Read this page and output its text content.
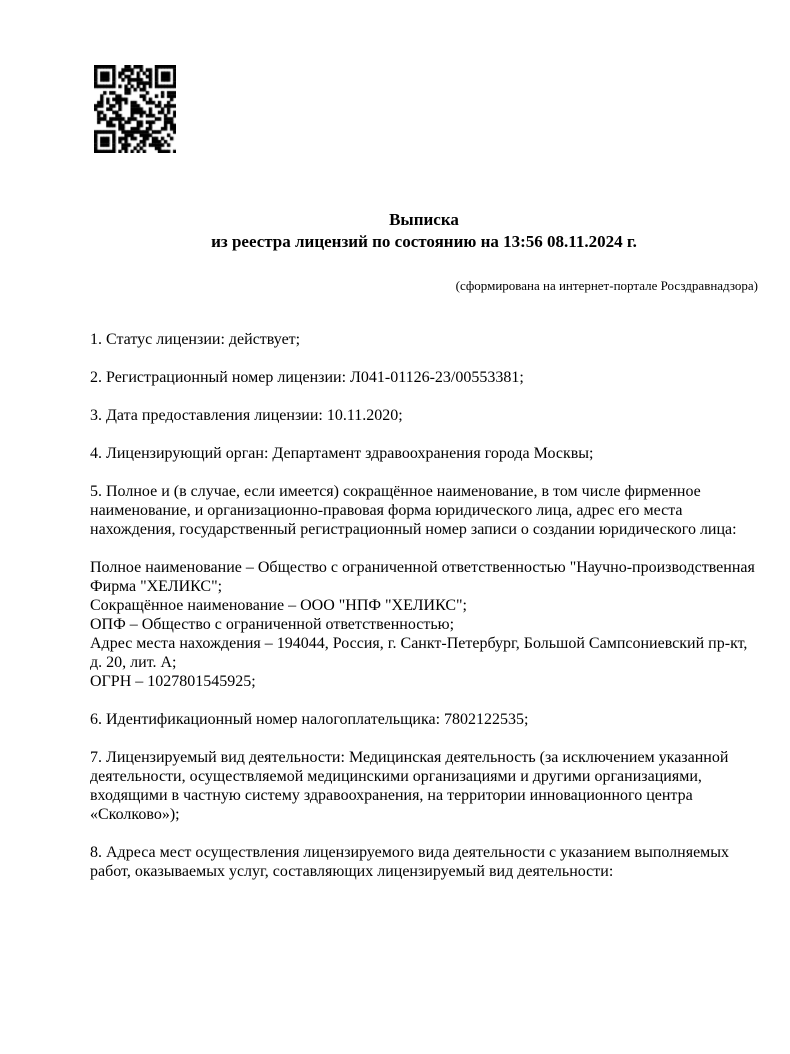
Выписка
из реестра лицензий по состоянию на 13:56 08.11.2024 г.
(сформирована на интернет-портале Росздравнадзора)

1. Статус лицензии: действует;

2. Регистрационный номер лицензии: Л041-01126-23/00553381;

3. Дата предоставления лицензии: 10.11.2020;

4. Лицензирующий орган: Департамент здравоохранения города Москвы;

5. Полное и (в случае, если имеется) сокращённое наименование, в том числе фирменное наименование, и организационно-правовая форма юридического лица, адрес его места нахождения, государственный регистрационный номер записи о создании юридического лица:

Полное наименование – Общество с ограниченной ответственностью "Научно-производственная Фирма "ХЕЛИКС";

Сокращённое наименование – ООО "НПФ "ХЕЛИКС";

ОПФ – Общество с ограниченной ответственностью;

Адрес места нахождения – 194044, Россия, г. Санкт-Петербург, Большой Сампсониевский пр-кт, д. 20, лит. А;

ОГРН – 1027801545925;

6. Идентификационный номер налогоплательщика: 7802122535;

7. Лицензируемый вид деятельности: Медицинская деятельность (за исключением указанной деятельности, осуществляемой медицинскими организациями и другими организациями, входящими в частную систему здравоохранения, на территории инновационного центра «Сколково»);

8. Адреса мест осуществления лицензируемого вида деятельности с указанием выполняемых работ, оказываемых услуг, составляющих лицензируемый вид деятельности:
